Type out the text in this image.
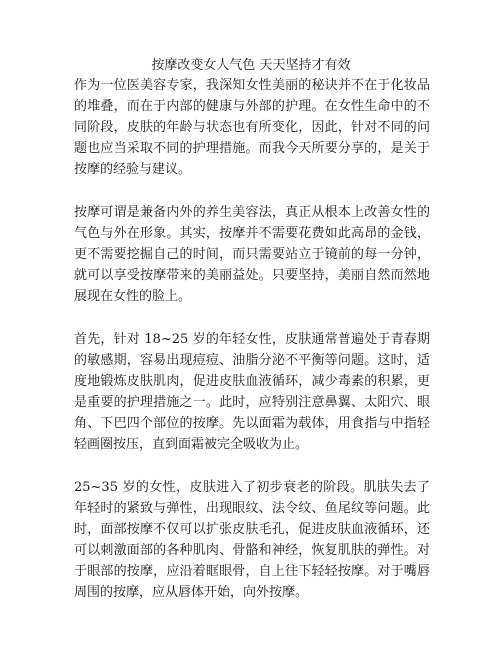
按摩改变女人气色 天天坚持才有效

作为一位医美容专家，我深知女性美丽的秘诀并不在于化妆品的堆叠，而在于内部的健康与外部的护理。在女性生命中的不同阶段，皮肤的年龄与状态也有所变化，因此，针对不同的问题也应当采取不同的护理措施。而我今天所要分享的，是关于按摩的经验与建议。

按摩可谓是兼备内外的养生美容法，真正从根本上改善女性的气色与外在形象。其实，按摩并不需要花费如此高昂的金钱，更不需要挖掘自己的时间，而只需要站立于镜前的每一分钟，就可以享受按摩带来的美丽益处。只要坚持，美丽自然而然地展现在女性的脸上。

首先，针对 18~25 岁的年轻女性，皮肤通常普遍处于青春期的敏感期，容易出现痘痘、油脂分泌不平衡等问题。这时，适度地锻炼皮肤肌肉，促进皮肤血液循环，减少毒素的积累，更是重要的护理措施之一。此时，应特别注意鼻翼、太阳穴、眼角、下巴四个部位的按摩。先以面霜为载体，用食指与中指轻轻画圈按压，直到面霜被完全吸收为止。

25~35 岁的女性，皮肤进入了初步衰老的阶段。肌肤失去了年轻时的紧致与弹性，出现眼纹、法令纹、鱼尾纹等问题。此时，面部按摩不仅可以扩张皮肤毛孔，促进皮肤血液循环，还可以刺激面部的各种肌肉、骨骼和神经，恢复肌肤的弹性。对于眼部的按摩，应沿着眶眼骨，自上往下轻轻按摩。对于嘴唇周围的按摩，应从唇体开始，向外按摩。
